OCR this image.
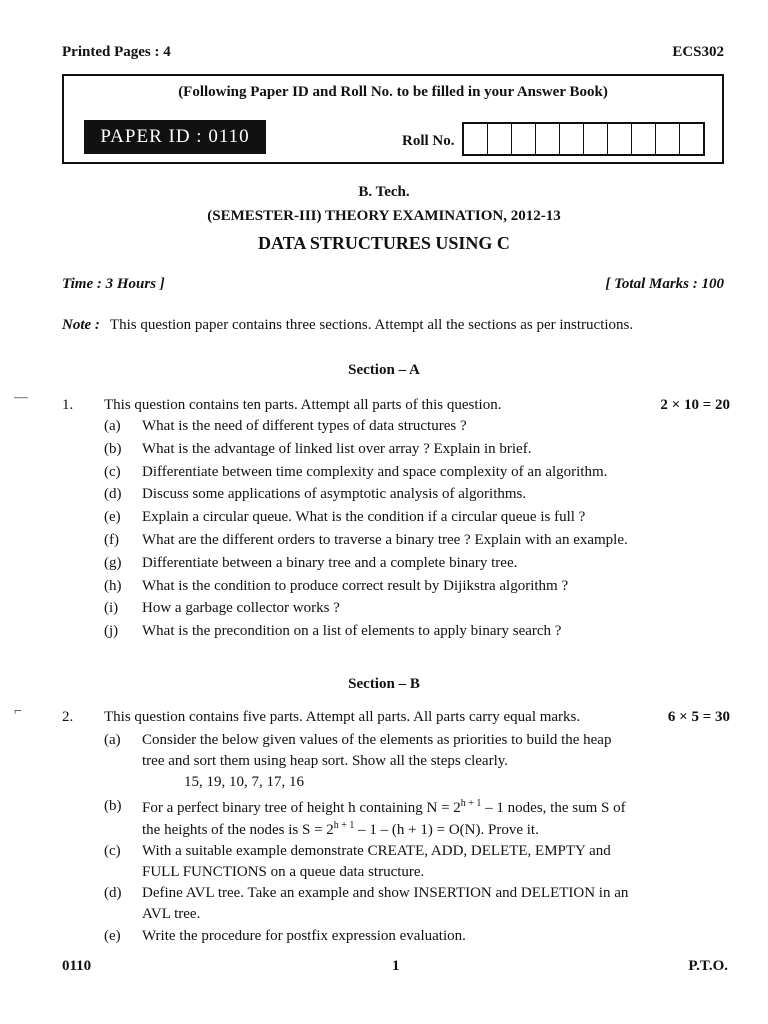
Printed Pages : 4	ECS302
(Following Paper ID and Roll No. to be filled in your Answer Book)
PAPER ID : 0110	Roll No.
B. Tech.
(SEMESTER-III) THEORY EXAMINATION, 2012-13
DATA STRUCTURES USING C
Time : 3 Hours ]	[ Total Marks : 100
Note : This question paper contains three sections. Attempt all the sections as per instructions.
Section – A
— 1. This question contains ten parts. Attempt all parts of this question.	2 × 10 = 20
(a) What is the need of different types of data structures ?
(b) What is the advantage of linked list over array ? Explain in brief.
(c) Differentiate between time complexity and space complexity of an algorithm.
(d) Discuss some applications of asymptotic analysis of algorithms.
(e) Explain a circular queue. What is the condition if a circular queue is full ?
(f) What are the different orders to traverse a binary tree ? Explain with an example.
(g) Differentiate between a binary tree and a complete binary tree.
(h) What is the condition to produce correct result by Dijikstra algorithm ?
(i) How a garbage collector works ?
(j) What is the precondition on a list of elements to apply binary search ?
Section – B
⌐	2. This question contains five parts. Attempt all parts. All parts carry equal marks.	6 × 5 = 30
(a) Consider the below given values of the elements as priorities to build the heap
tree and sort them using heap sort. Show all the steps clearly.
15, 19, 10, 7, 17, 16
(b) For a perfect binary tree of height h containing $N = 2^{h + 1} - 1$ nodes, the sum S of
the heights of the nodes is $S = 2^{h + 1} - 1 - (h + 1) = O(N)$. Prove it.
(c) With a suitable example demonstrate CREATE, ADD, DELETE, EMPTY and
FULL FUNCTIONS on a queue data structure.
(d) Define AVL tree. Take an example and show INSERTION and DELETION in an
AVL tree.
(e) Write the procedure for postfix expression evaluation.
0110	1	P.T.O.
